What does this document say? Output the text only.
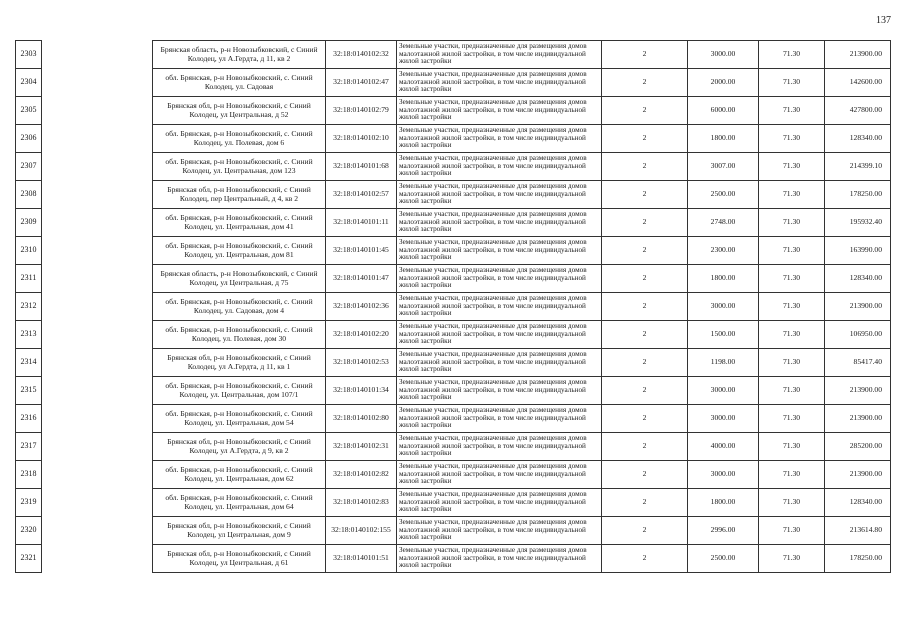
137
2303		Брянская область, р-н Новозыбковский, с Синий Колодец, ул А.Гердта, д 11, кв 2	32:18:0140102:32	Земельные участки, предназначенные для размещения домов малоэтажной жилой застройки, в том числе индивидуальной жилой застройки	2	3000.00	71.30	213900.00
2304		обл. Брянская, р-н Новозыбковский, с. Синий Колодец, ул. Садовая	32:18:0140102:47	Земельные участки, предназначенные для размещения домов малоэтажной жилой застройки, в том числе индивидуальной жилой застройки	2	2000.00	71.30	142600.00
2305		Брянская обл, р-н Новозыбковский, с Синий Колодец, ул Центральная, д 52	32:18:0140102:79	Земельные участки, предназначенные для размещения домов малоэтажной жилой застройки, в том числе индивидуальной жилой застройки	2	6000.00	71.30	427800.00
2306		обл. Брянская, р-н Новозыбковский, с. Синий Колодец, ул. Полевая, дом 6	32:18:0140102:10	Земельные участки, предназначенные для размещения домов малоэтажной жилой застройки, в том числе индивидуальной жилой застройки	2	1800.00	71.30	128340.00
2307		обл. Брянская, р-н Новозыбковский, с. Синий Колодец, ул. Центральная, дом 123	32:18:0140101:68	Земельные участки, предназначенные для размещения домов малоэтажной жилой застройки, в том числе индивидуальной жилой застройки	2	3007.00	71.30	214399.10
2308		Брянская обл, р-н Новозыбковский, с Синий Колодец, пер Центральный, д 4, кв 2	32:18:0140102:57	Земельные участки, предназначенные для размещения домов малоэтажной жилой застройки, в том числе индивидуальной жилой застройки	2	2500.00	71.30	178250.00
2309		обл. Брянская, р-н Новозыбковский, с. Синий Колодец, ул. Центральная, дом 41	32:18:0140101:11	Земельные участки, предназначенные для размещения домов малоэтажной жилой застройки, в том числе индивидуальной жилой застройки	2	2748.00	71.30	195932.40
2310		обл. Брянская, р-н Новозыбковский, с. Синий Колодец, ул. Центральная, дом 81	32:18:0140101:45	Земельные участки, предназначенные для размещения домов малоэтажной жилой застройки, в том числе индивидуальной жилой застройки	2	2300.00	71.30	163990.00
2311		Брянская область, р-н Новозыбковский, с Синий Колодец, ул Центральная, д 75	32:18:0140101:47	Земельные участки, предназначенные для размещения домов малоэтажной жилой застройки, в том числе индивидуальной жилой застройки	2	1800.00	71.30	128340.00
2312		обл. Брянская, р-н Новозыбковский, с. Синий Колодец, ул. Садовая, дом 4	32:18:0140102:36	Земельные участки, предназначенные для размещения домов малоэтажной жилой застройки, в том числе индивидуальной жилой застройки	2	3000.00	71.30	213900.00
2313		обл. Брянская, р-н Новозыбковский, с. Синий Колодец, ул. Полевая, дом 30	32:18:0140102:20	Земельные участки, предназначенные для размещения домов малоэтажной жилой застройки, в том числе индивидуальной жилой застройки	2	1500.00	71.30	106950.00
2314		Брянская обл, р-н Новозыбковский, с Синий Колодец, ул А.Гердта, д 11, кв 1	32:18:0140102:53	Земельные участки, предназначенные для размещения домов малоэтажной жилой застройки, в том числе индивидуальной жилой застройки	2	1198.00	71.30	85417.40
2315		обл. Брянская, р-н Новозыбковский, с. Синий Колодец, ул. Центральная, дом 107/1	32:18:0140101:34	Земельные участки, предназначенные для размещения домов малоэтажной жилой застройки, в том числе индивидуальной жилой застройки	2	3000.00	71.30	213900.00
2316		обл. Брянская, р-н Новозыбковский, с. Синий Колодец, ул. Центральная, дом 54	32:18:0140102:80	Земельные участки, предназначенные для размещения домов малоэтажной жилой застройки, в том числе индивидуальной жилой застройки	2	3000.00	71.30	213900.00
2317		Брянская обл, р-н Новозыбковский, с Синий Колодец, ул А.Гердта, д 9, кв 2	32:18:0140102:31	Земельные участки, предназначенные для размещения домов малоэтажной жилой застройки, в том числе индивидуальной жилой застройки	2	4000.00	71.30	285200.00
2318		обл. Брянская, р-н Новозыбковский, с. Синий Колодец, ул. Центральная, дом 62	32:18:0140102:82	Земельные участки, предназначенные для размещения домов малоэтажной жилой застройки, в том числе индивидуальной жилой застройки	2	3000.00	71.30	213900.00
2319		обл. Брянская, р-н Новозыбковский, с. Синий Колодец, ул. Центральная, дом 64	32:18:0140102:83	Земельные участки, предназначенные для размещения домов малоэтажной жилой застройки, в том числе индивидуальной жилой застройки	2	1800.00	71.30	128340.00
2320		Брянская обл, р-н Новозыбковский, с Синий Колодец, ул Центральная, дом 9	32:18:0140102:155	Земельные участки, предназначенные для размещения домов малоэтажной жилой застройки, в том числе индивидуальной жилой застройки	2	2996.00	71.30	213614.80
2321		Брянская обл, р-н Новозыбковский, с Синий Колодец, ул Центральная, д 61	32:18:0140101:51	Земельные участки, предназначенные для размещения домов малоэтажной жилой застройки, в том числе индивидуальной жилой застройки	2	2500.00	71.30	178250.00
